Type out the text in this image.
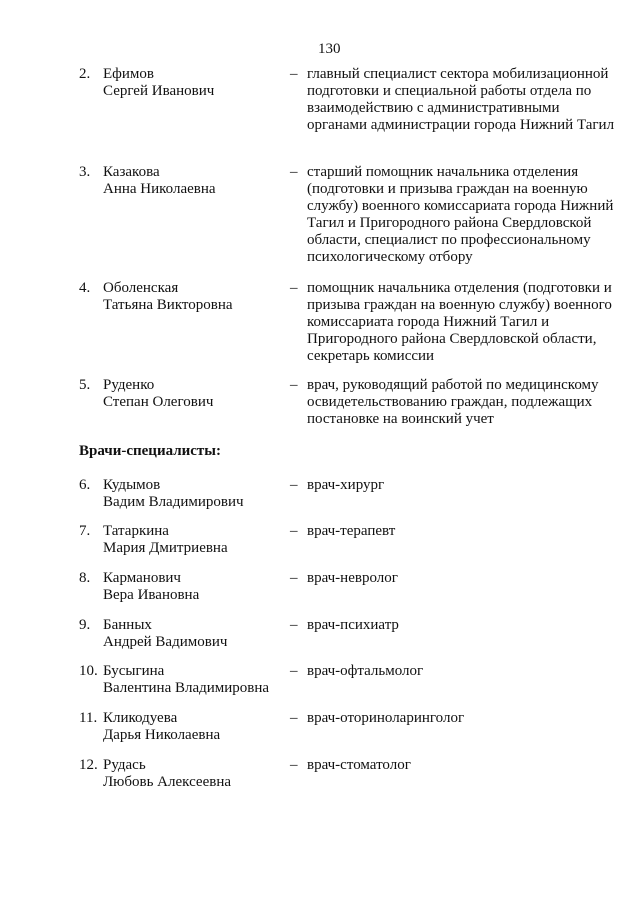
130
2. Ефимов
Сергей Иванович
– главный специалист сектора мобилизационной подготовки и специальной работы отдела по взаимодействию с административными органами администрации города Нижний Тагил
3. Казакова
Анна Николаевна
– старший помощник начальника отделения (подготовки и призыва граждан на военную службу) военного комиссариата города Нижний Тагил и Пригородного района Свердловской области, специалист по профессиональному психологическому отбору
4. Оболенская
Татьяна Викторовна
– помощник начальника отделения (подготовки и призыва граждан на военную службу) военного комиссариата города Нижний Тагил и Пригородного района Свердловской области, секретарь комиссии
5. Руденко
Степан Олегович
– врач, руководящий работой по медицинскому освидетельствованию граждан, подлежащих постановке на воинский учет
Врачи-специалисты:
6. Кудымов
Вадим Владимирович
– врач-хирург
7. Татаркина
Мария Дмитриевна
– врач-терапевт
8. Карманович
Вера Ивановна
– врач-невролог
9. Банных
Андрей Вадимович
– врач-психиатр
10. Бусыгина
Валентина Владимировна
– врач-офтальмолог
11. Кликодуева
Дарья Николаевна
– врач-оториноларинголог
12. Рудась
Любовь Алексеевна
– врач-стоматолог
